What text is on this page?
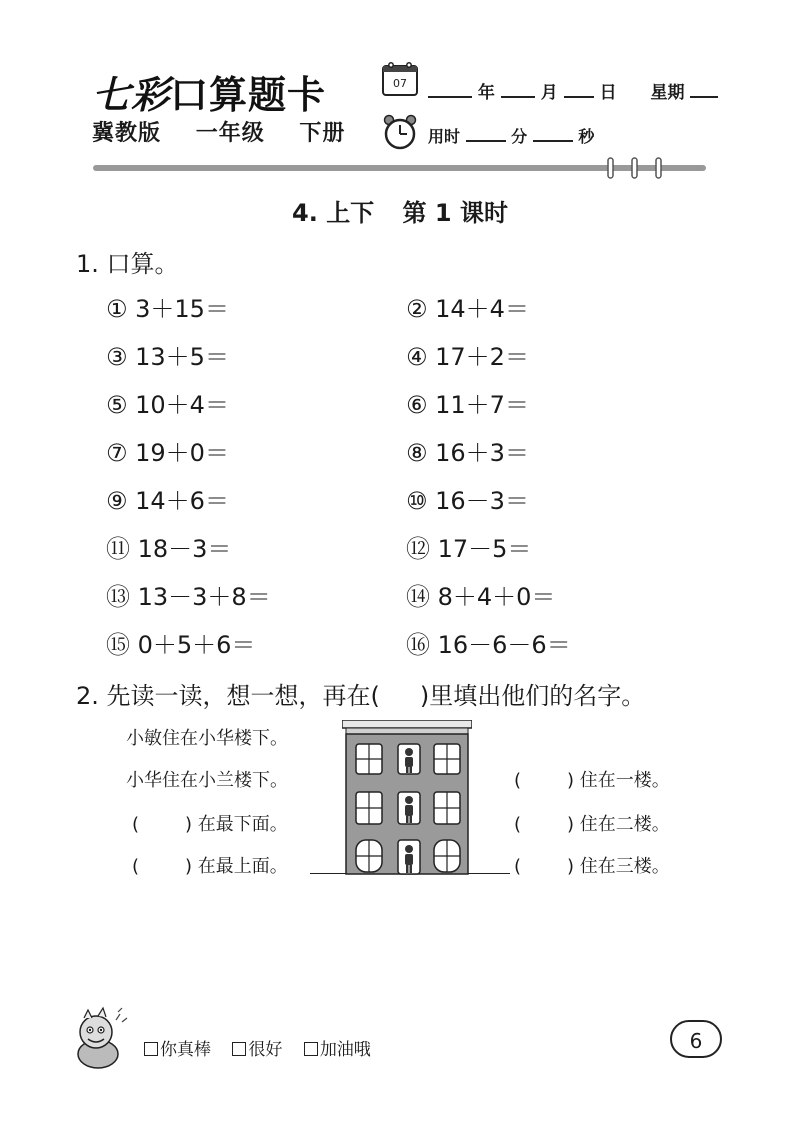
七彩口算题卡
冀教版 一年级 下册
07	年	月 日 星期
用时	分	秒
4. 上下 第 1 课时
1. 口算。
① 3＋15＝	② 14＋4＝
③ 13＋5＝	④ 17＋2＝
⑤ 10＋4＝	⑥ 11＋7＝
⑦ 19＋0＝	⑧ 16＋3＝
⑨ 14＋6＝	⑩ 16－3＝
⑪ 18－3＝	⑫ 17－5＝
⑬ 13－3＋8＝	⑭ 8＋4＋0＝
⑮ 0＋5＋6＝	⑯ 16－6－6＝
2. 先读一读，想一想，再在( )里填出他们的名字。
小敏住在小华楼下。
小华住在小兰楼下。
(	) 在最下面。
(	) 在最上面。
(	) 住在一楼。
(	) 住在二楼。
(	) 住在三楼。
你真棒 很好 加油哦	6
